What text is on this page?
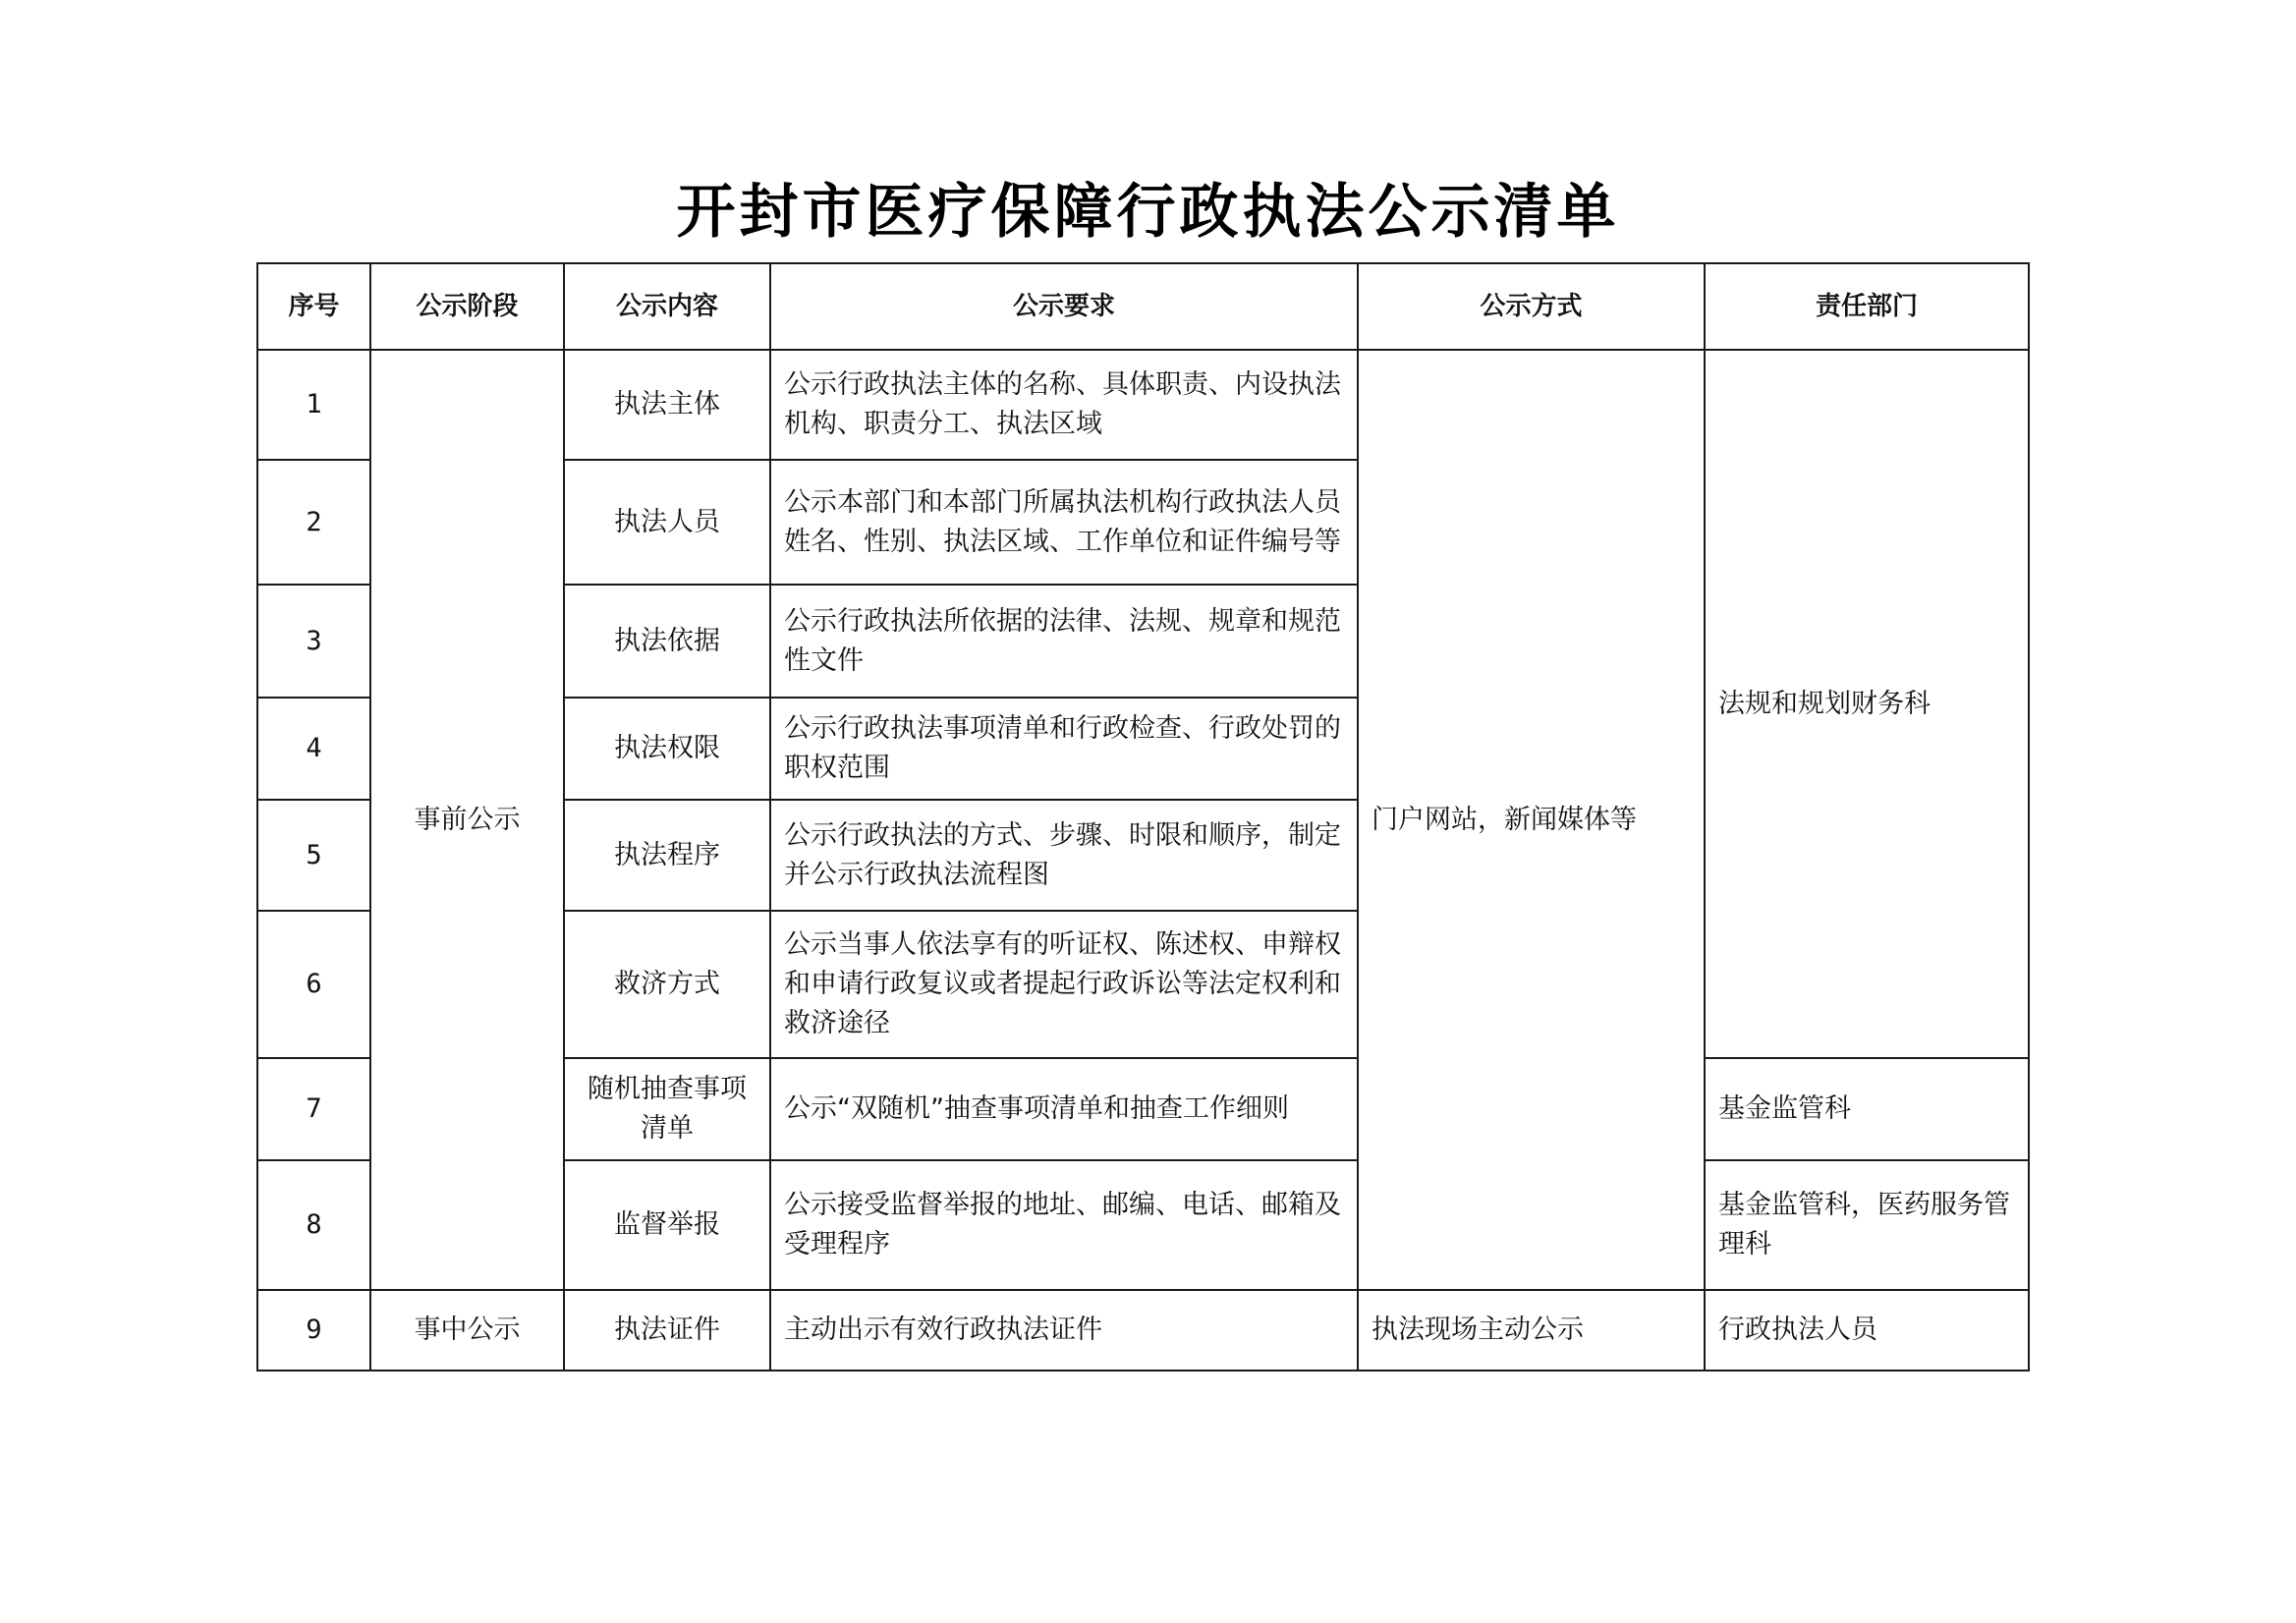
开封市医疗保障行政执法公示清单
序号	公示阶段	公示内容	公示要求	公示方式	责任部门
1	事前公示	执法主体	公示行政执法主体的名称、具体职责、内设执法机构、职责分工、执法区域	门户网站，新闻媒体等	法规和规划财务科
2		执法人员	公示本部门和本部门所属执法机构行政执法人员姓名、性别、执法区域、工作单位和证件编号等		
3		执法依据	公示行政执法所依据的法律、法规、规章和规范性文件		
4		执法权限	公示行政执法事项清单和行政检查、行政处罚的职权范围		
5		执法程序	公示行政执法的方式、步骤、时限和顺序，制定并公示行政执法流程图		
6		救济方式	公示当事人依法享有的听证权、陈述权、申辩权和申请行政复议或者提起行政诉讼等法定权利和救济途径		
7		随机抽查事项清单	公示“双随机”抽查事项清单和抽查工作细则		基金监管科
8		监督举报	公示接受监督举报的地址、邮编、电话、邮箱及受理程序		基金监管科，医药服务管理科
9	事中公示	执法证件	主动出示有效行政执法证件	执法现场主动公示	行政执法人员
